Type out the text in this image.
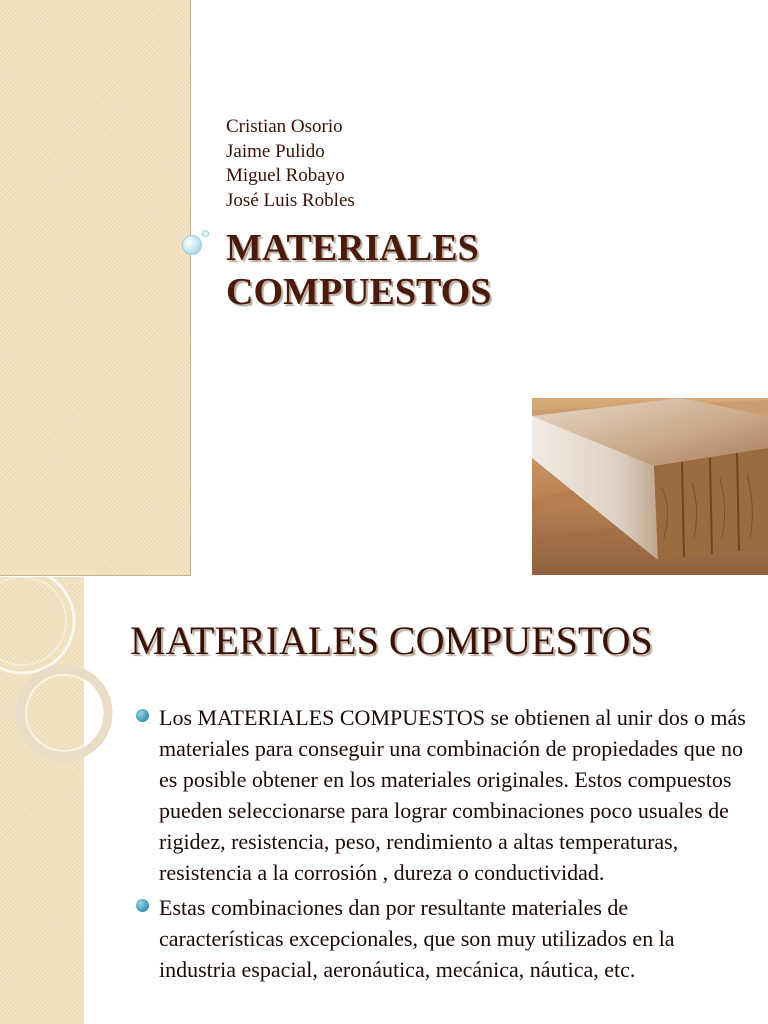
Cristian Osorio
Jaime Pulido
Miguel Robayo
José Luis Robles
MATERIALES
COMPUESTOS
MATERIALES COMPUESTOS
Los MATERIALES COMPUESTOS se obtienen al unir dos o más materiales para conseguir una combinación de propiedades que no es posible obtener en los materiales originales. Estos compuestos pueden seleccionarse para lograr combinaciones poco usuales de rigidez, resistencia, peso, rendimiento a altas temperaturas, resistencia a la corrosión , dureza o conductividad.
Estas combinaciones dan por resultante materiales de características excepcionales, que son muy utilizados en la industria espacial, aeronáutica, mecánica, náutica, etc.
